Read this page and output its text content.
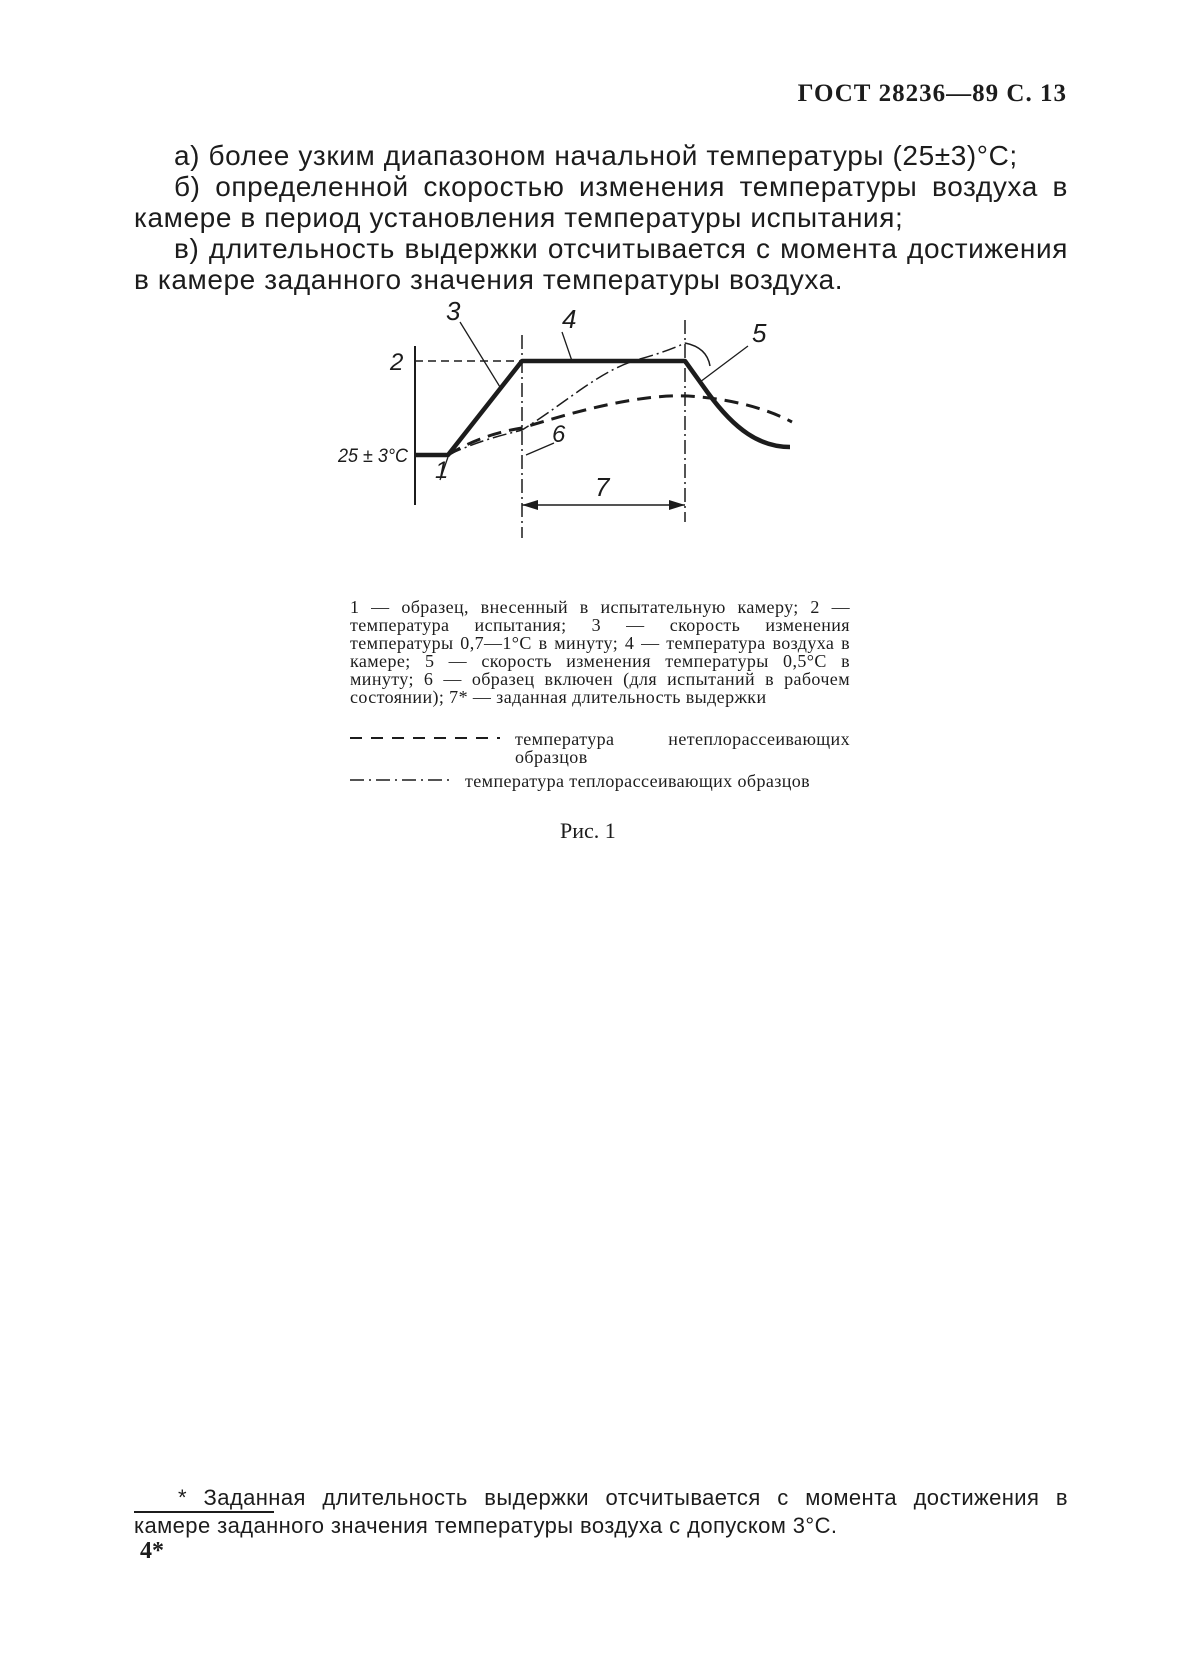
ГОСТ 28236—89 С. 13

а) более узким диапазоном начальной температуры (25±3)°С;

б) определенной скоростью изменения температуры воздуха в камере в период установления температуры испытания;

в) длительность выдержки отсчитывается с момента достижения в камере заданного значения температуры воздуха.

2
25 ± 3°С
3	4	5
6
1
7

1 — образец, внесенный в испытательную камеру; 2 — температура испытания; 3 — скорость изменения температуры 0,7—1°С в минуту; 4 — температура воздуха в камере; 5 — скорость изменения температуры 0,5°С в минуту; 6 — образец включен (для испытаний в рабочем состоянии); 7* — заданная длительность выдержки

температура нетеплорассеивающих образцов
температура теплорассеивающих образцов
Рис. 1

* Заданная длительность выдержки отсчитывается с момента достижения в камере заданного значения температуры воздуха с допуском 3°С.

4*
